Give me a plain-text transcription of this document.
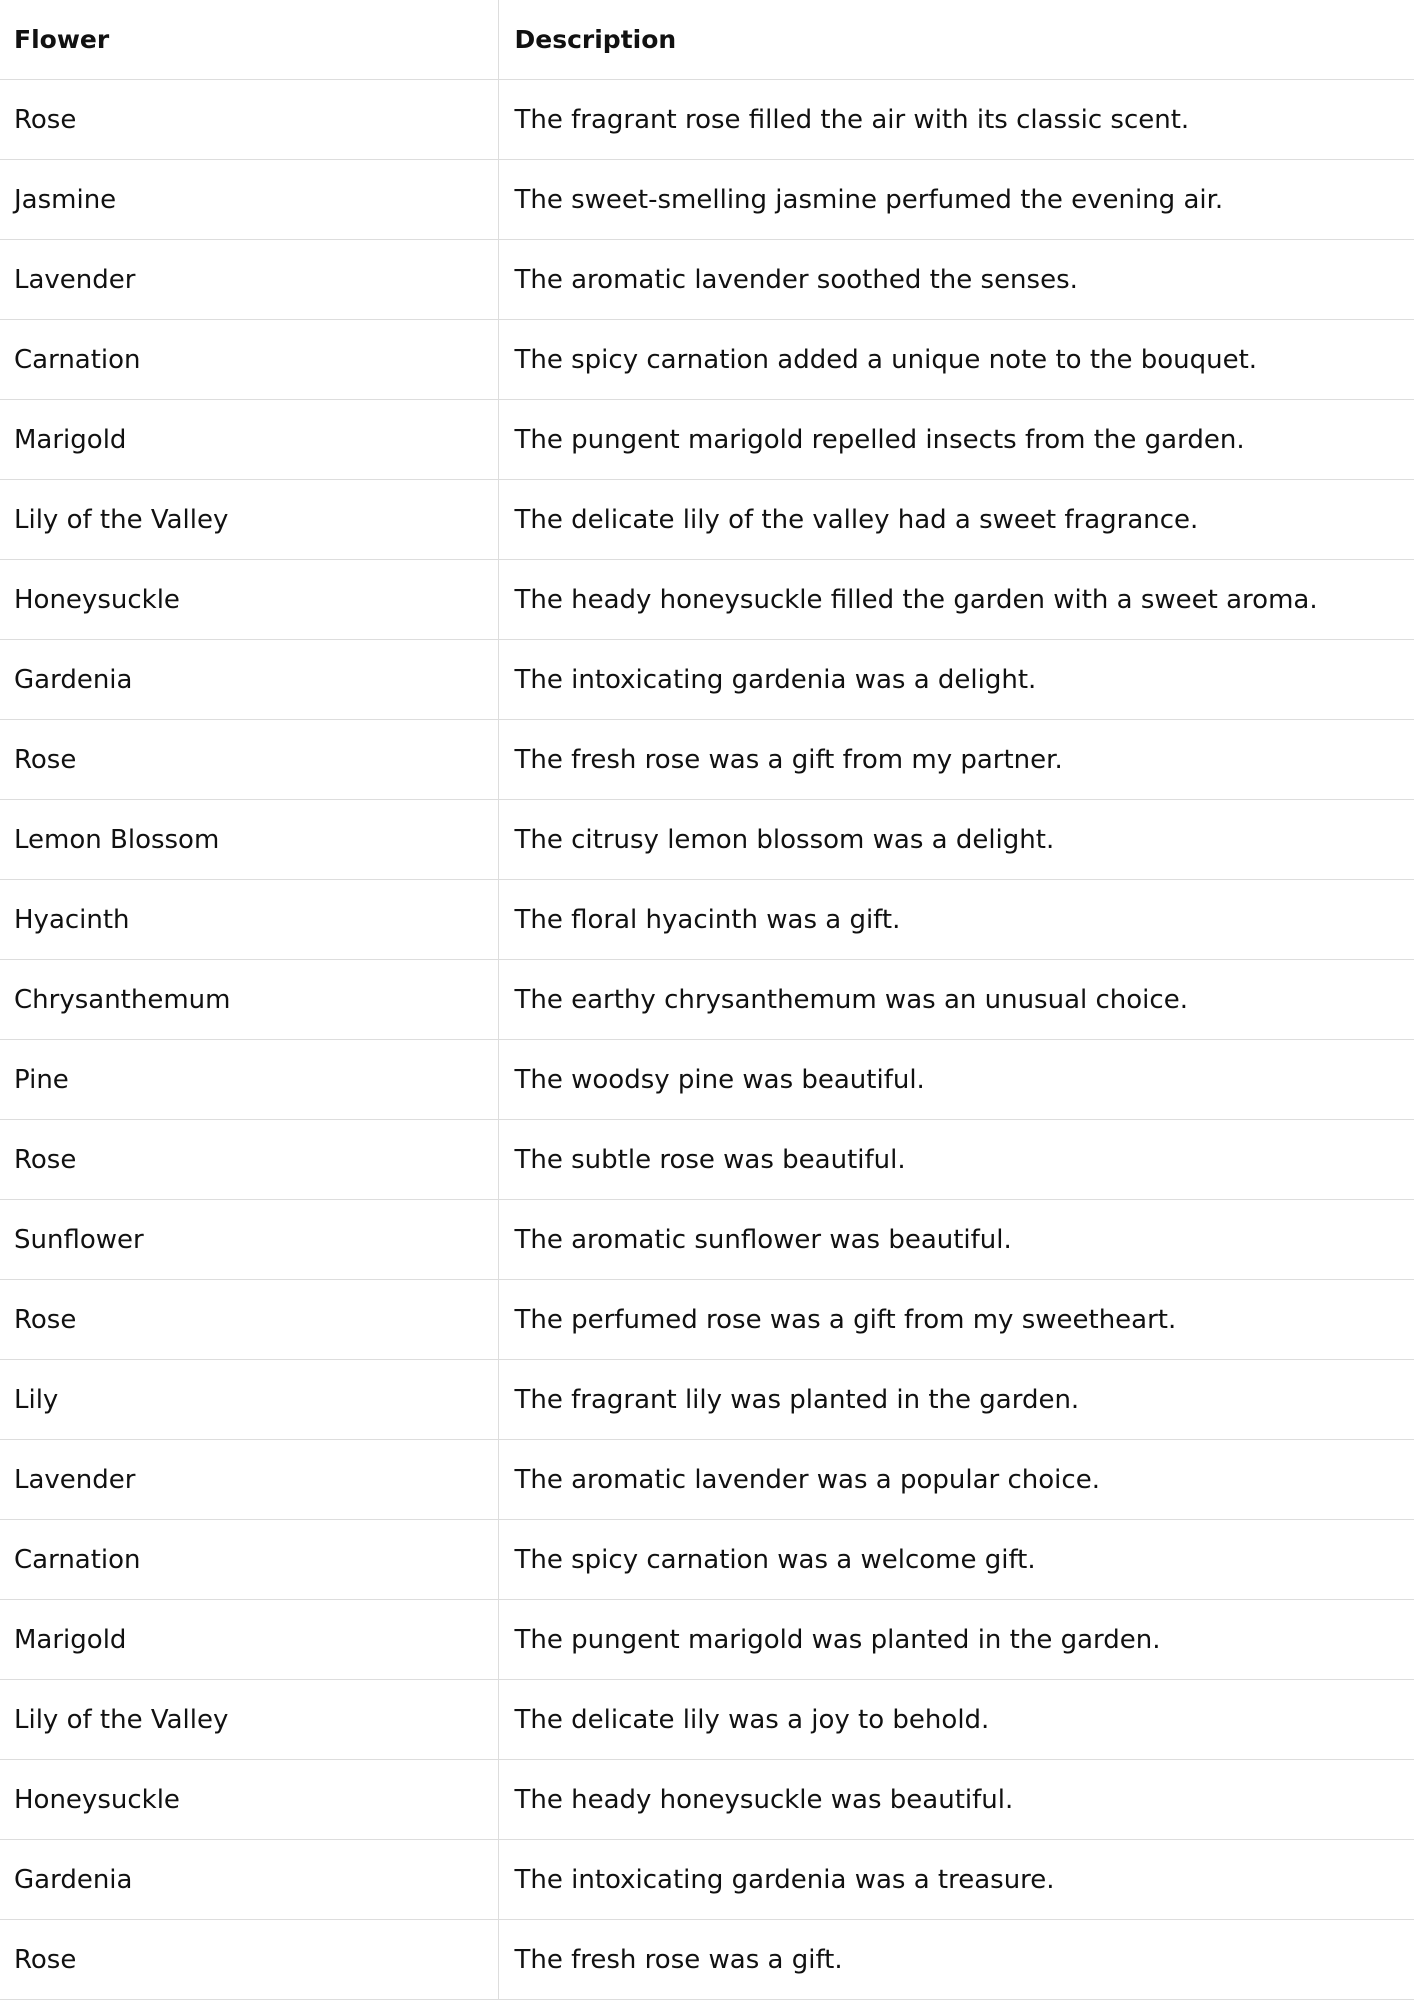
Flower	Description
Rose	The fragrant rose filled the air with its classic scent.
Jasmine	The sweet-smelling jasmine perfumed the evening air.
Lavender	The aromatic lavender soothed the senses.
Carnation	The spicy carnation added a unique note to the bouquet.
Marigold	The pungent marigold repelled insects from the garden.
Lily of the Valley	The delicate lily of the valley had a sweet fragrance.
Honeysuckle	The heady honeysuckle filled the garden with a sweet aroma.
Gardenia	The intoxicating gardenia was a delight.
Rose	The fresh rose was a gift from my partner.
Lemon Blossom	The citrusy lemon blossom was a delight.
Hyacinth	The floral hyacinth was a gift.
Chrysanthemum	The earthy chrysanthemum was an unusual choice.
Pine	The woodsy pine was beautiful.
Rose	The subtle rose was beautiful.
Sunflower	The aromatic sunflower was beautiful.
Rose	The perfumed rose was a gift from my sweetheart.
Lily	The fragrant lily was planted in the garden.
Lavender	The aromatic lavender was a popular choice.
Carnation	The spicy carnation was a welcome gift.
Marigold	The pungent marigold was planted in the garden.
Lily of the Valley	The delicate lily was a joy to behold.
Honeysuckle	The heady honeysuckle was beautiful.
Gardenia	The intoxicating gardenia was a treasure.
Rose	The fresh rose was a gift.
